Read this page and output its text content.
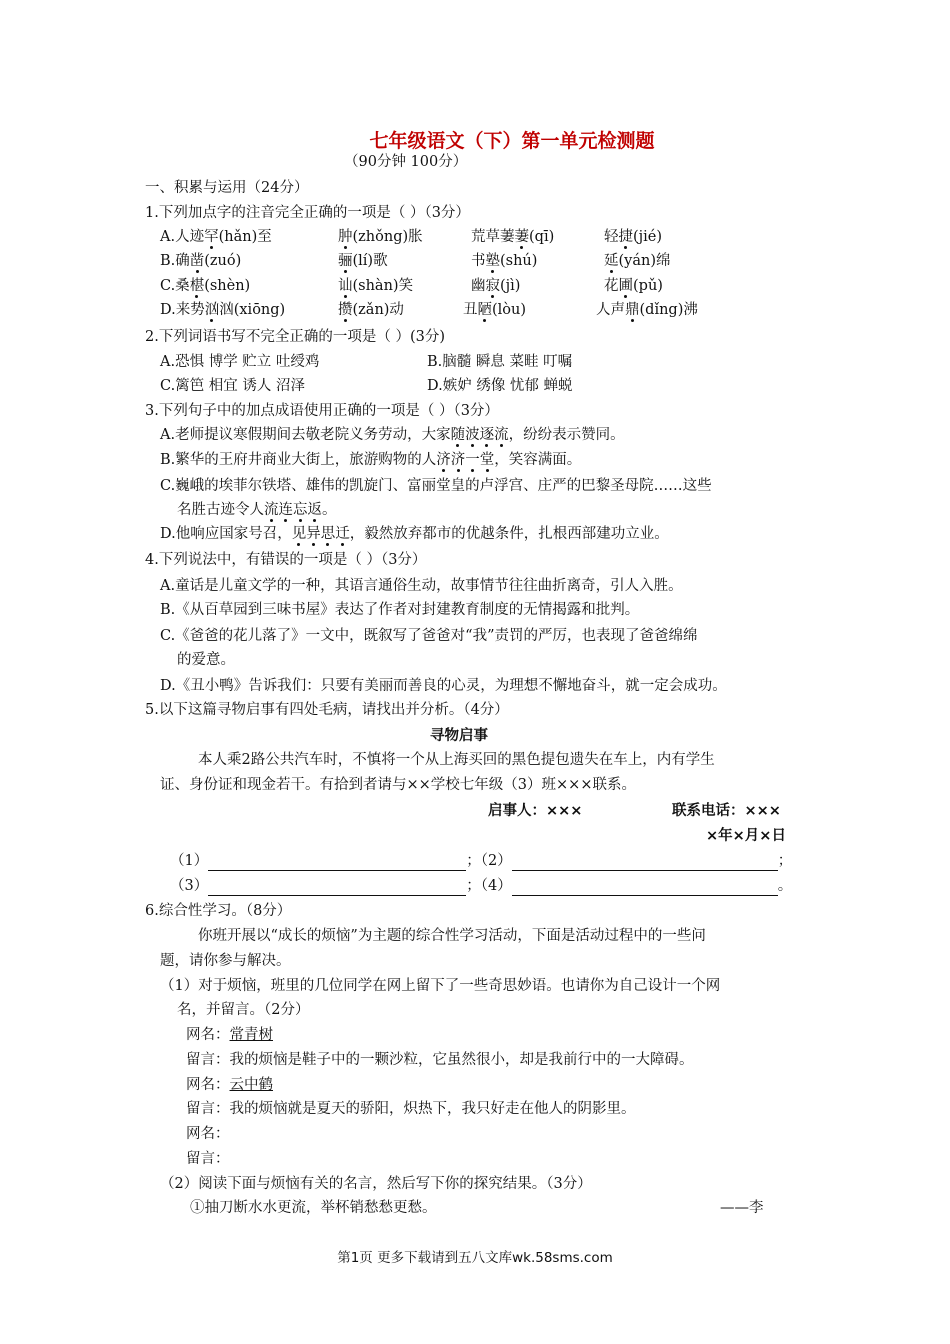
七年级语文（下）第一单元检测题
（90分钟 100分）
一、积累与运用（24分）
1.下列加点字的注音完全正确的一项是（ ）（3分）
A.人迹罕(hǎn)至	肿(zhǒng)胀	荒草萋萋(qī)	轻捷(jié)
B.确凿(zuó)	骊(lí)歌	书塾(shú)	延(yán)绵
C.桑椹(shèn)	讪(shàn)笑	幽寂(jì)	花圃(pǔ)
D.来势汹汹(xiōng)	攒(zǎn)动	丑陋(lòu)	人声鼎(dǐng)沸
2.下列词语书写不完全正确的一项是（ ）(3分)
A.恐惧 博学 贮立 吐绶鸡	B.脑髓 瞬息 菜畦 叮嘱
C.篱笆 相宜 诱人 沼泽	D.嫉妒 绣像 忧郁 蝉蜕
3.下列句子中的加点成语使用正确的一项是（ ）（3分）
A.老师提议寒假期间去敬老院义务劳动，大家随波逐流，纷纷表示赞同。
B.繁华的王府井商业大街上，旅游购物的人济济一堂，笑容满面。
C.巍峨的埃菲尔铁塔、雄伟的凯旋门、富丽堂皇的卢浮宫、庄严的巴黎圣母院……这些
名胜古迹令人流连忘返。
D.他响应国家号召，见异思迁，毅然放弃都市的优越条件，扎根西部建功立业。
4.下列说法中，有错误的一项是（ ）（3分）
A.童话是儿童文学的一种，其语言通俗生动，故事情节往往曲折离奇，引人入胜。
B.《从百草园到三味书屋》表达了作者对封建教育制度的无情揭露和批判。
C.《爸爸的花儿落了》一文中，既叙写了爸爸对“我”责罚的严厉，也表现了爸爸绵绵
的爱意。
D.《丑小鸭》告诉我们：只要有美丽而善良的心灵，为理想不懈地奋斗，就一定会成功。
5.以下这篇寻物启事有四处毛病，请找出并分析。（4分）
寻物启事
本人乘2路公共汽车时，不慎将一个从上海买回的黑色提包遗失在车上，内有学生
证、身份证和现金若干。有拾到者请与××学校七年级（3）班×××联系。
启事人：×××	联系电话：×××
×年×月×日
（1）	；（2）	；
（3）	；（4）	。
6.综合性学习。（8分）
你班开展以“成长的烦恼”为主题的综合性学习活动，下面是活动过程中的一些问
题，请你参与解决。
（1）对于烦恼，班里的几位同学在网上留下了一些奇思妙语。也请你为自己设计一个网
名，并留言。（2分）
网名：常青树
留言：我的烦恼是鞋子中的一颗沙粒，它虽然很小，却是我前行中的一大障碍。
网名：云中鹤
留言：我的烦恼就是夏天的骄阳，炽热下，我只好走在他人的阴影里。
网名：
留言：
（2）阅读下面与烦恼有关的名言，然后写下你的探究结果。（3分）
①抽刀断水水更流，举杯销愁愁更愁。	——李
第1页 更多下载请到五八文库wk.58sms.com
